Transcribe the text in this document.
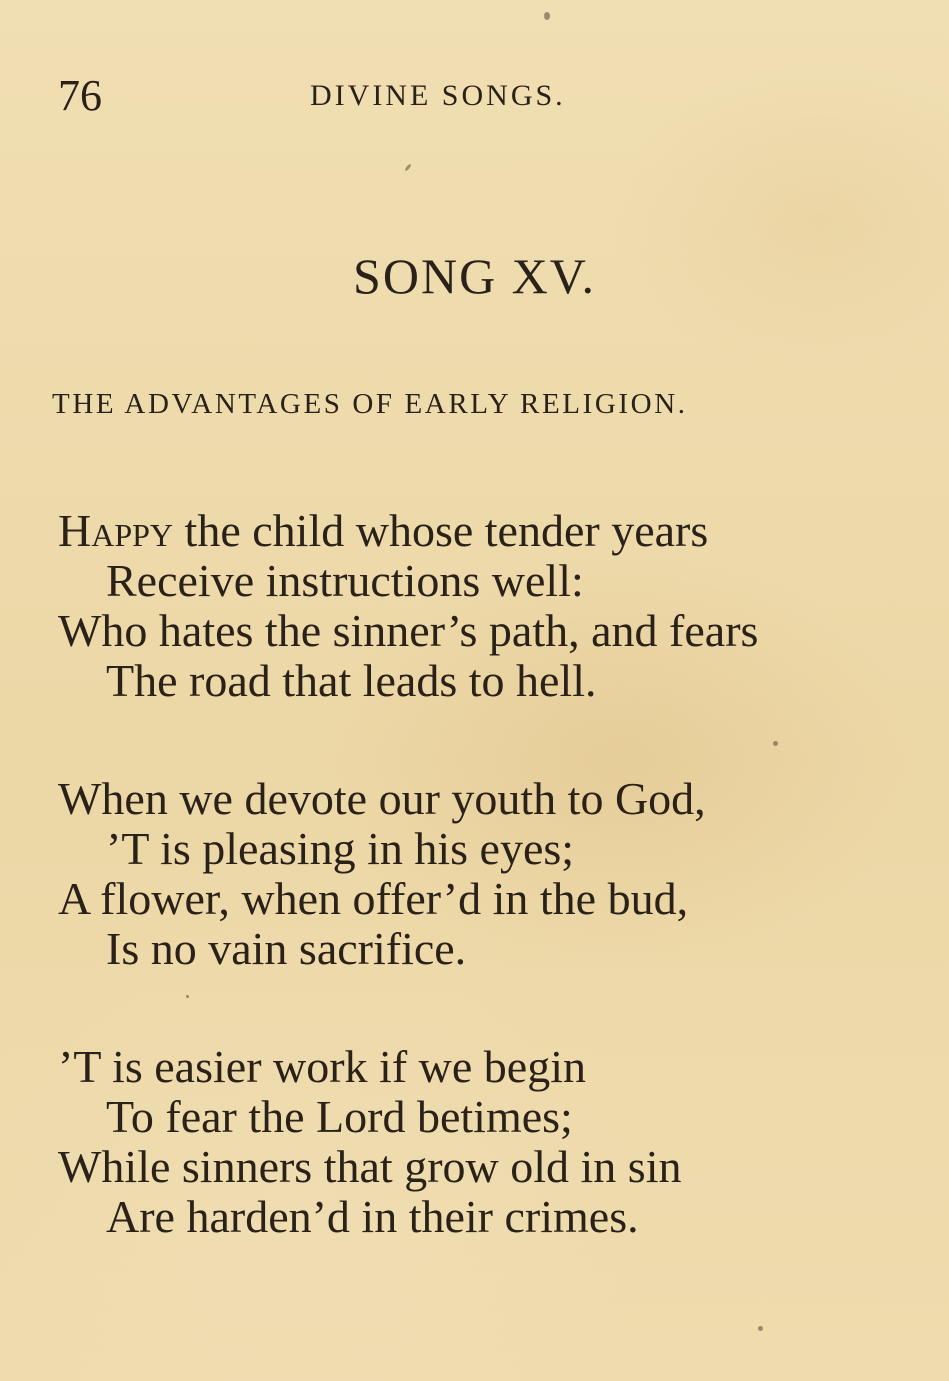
76	DIVINE SONGS.
SONG XV.
THE ADVANTAGES OF EARLY RELIGION.
Happy the child whose tender years
Receive instructions well:
Who hates the sinner’s path, and fears
The road that leads to hell.
When we devote our youth to God,
’T is pleasing in his eyes;
A flower, when offer’d in the bud,
Is no vain sacrifice.
’T is easier work if we begin
To fear the Lord betimes;
While sinners that grow old in sin
Are harden’d in their crimes.
